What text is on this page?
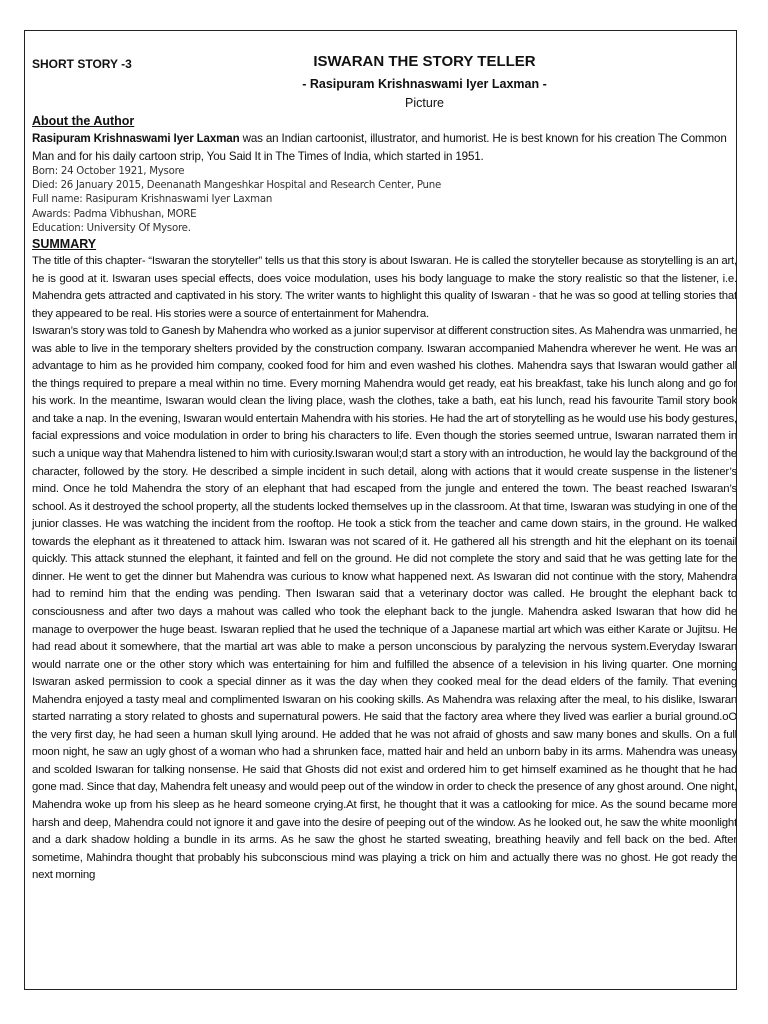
SHORT STORY -3	ISWARAN THE STORY TELLER
- Rasipuram Krishnaswami Iyer Laxman -
Picture
About the Author
Rasipuram Krishnaswami Iyer Laxman was an Indian cartoonist, illustrator, and humorist. He is best known for his creation The Common Man and for his daily cartoon strip, You Said It in The Times of India, which started in 1951.
Born: 24 October 1921, Mysore
Died: 26 January 2015, Deenanath Mangeshkar Hospital and Research Center, Pune
Full name: Rasipuram Krishnaswami Iyer Laxman
Awards: Padma Vibhushan, MORE
Education: University Of Mysore.
SUMMARY

The title of this chapter- “Iswaran the storyteller” tells us that this story is about Iswaran. He is called the storyteller because as storytelling is an art, he is good at it. Iswaran uses special effects, does voice modulation, uses his body language to make the story realistic so that the listener, i.e. Mahendra gets attracted and captivated in his story. The writer wants to highlight this quality of Iswaran - that he was so good at telling stories that they appeared to be real. His stories were a source of entertainment for Mahendra.

Iswaran’s story was told to Ganesh by Mahendra who worked as a junior supervisor at different construction sites. As Mahendra was unmarried, he was able to live in the temporary shelters provided by the construction company. Iswaran accompanied Mahendra wherever he went. He was an advantage to him as he provided him company, cooked food for him and even washed his clothes. Mahendra says that Iswaran would gather all the things required to prepare a meal within no time. Every morning Mahendra would get ready, eat his breakfast, take his lunch along and go for his work. In the meantime, Iswaran would clean the living place, wash the clothes, take a bath, eat his lunch, read his favourite Tamil story book and take a nap. In the evening, Iswaran would entertain Mahendra with his stories. He had the art of storytelling as he would use his body gestures, facial expressions and voice modulation in order to bring his characters to life. Even though the stories seemed untrue, Iswaran narrated them in such a unique way that Mahendra listened to him with curiosity.Iswaran woul;d start a story with an introduction, he would lay the background of the character, followed by the story. He described a simple incident in such detail, along with actions that it would create suspense in the listener’s mind. Once he told Mahendra the story of an elephant that had escaped from the jungle and entered the town. The beast reached Iswaran’s school. As it destroyed the school property, all the students locked themselves up in the classroom. At that time, Iswaran was studying in one of the junior classes. He was watching the incident from the rooftop. He took a stick from the teacher and came down stairs, in the ground. He walked towards the elephant as it threatened to attack him. Iswaran was not scared of it. He gathered all his strength and hit the elephant on its toenail quickly. This attack stunned the elephant, it fainted and fell on the ground. He did not complete the story and said that he was getting late for the dinner. He went to get the dinner but Mahendra was curious to know what happened next. As Iswaran did not continue with the story, Mahendra had to remind him that the ending was pending. Then Iswaran said that a veterinary doctor was called. He brought the elephant back to consciousness and after two days a mahout was called who took the elephant back to the jungle. Mahendra asked Iswaran that how did he manage to overpower the huge beast. Iswaran replied that he used the technique of a Japanese martial art which was either Karate or Jujitsu. He had read about it somewhere, that the martial art was able to make a person unconscious by paralyzing the nervous system.Everyday Iswaran would narrate one or the other story which was entertaining for him and fulfilled the absence of a television in his living quarter. One morning Iswaran asked permission to cook a special dinner as it was the day when they cooked meal for the dead elders of the family. That evening Mahendra enjoyed a tasty meal and complimented Iswaran on his cooking skills. As Mahendra was relaxing after the meal, to his dislike, Iswaran started narrating a story related to ghosts and supernatural powers. He said that the factory area where they lived was earlier a burial ground.oO the very first day, he had seen a human skull lying around. He added that he was not afraid of ghosts and saw many bones and skulls. On a full moon night, he saw an ugly ghost of a woman who had a shrunken face, matted hair and held an unborn baby in its arms. Mahendra was uneasy and scolded Iswaran for talking nonsense. He said that Ghosts did not exist and ordered him to get himself examined as he thought that he had gone mad. Since that day, Mahendra felt uneasy and would peep out of the window in order to check the presence of any ghost around. One night, Mahendra woke up from his sleep as he heard someone crying.At first, he thought that it was a catlooking for mice. As the sound became more harsh and deep, Mahendra could not ignore it and gave into the desire of peeping out of the window. As he looked out, he saw the white moonlight and a dark shadow holding a bundle in its arms. As he saw the ghost he started sweating, breathing heavily and fell back on the bed. After sometime, Mahindra thought that probably his subconscious mind was playing a trick on him and actually there was no ghost. He got ready the next morning
